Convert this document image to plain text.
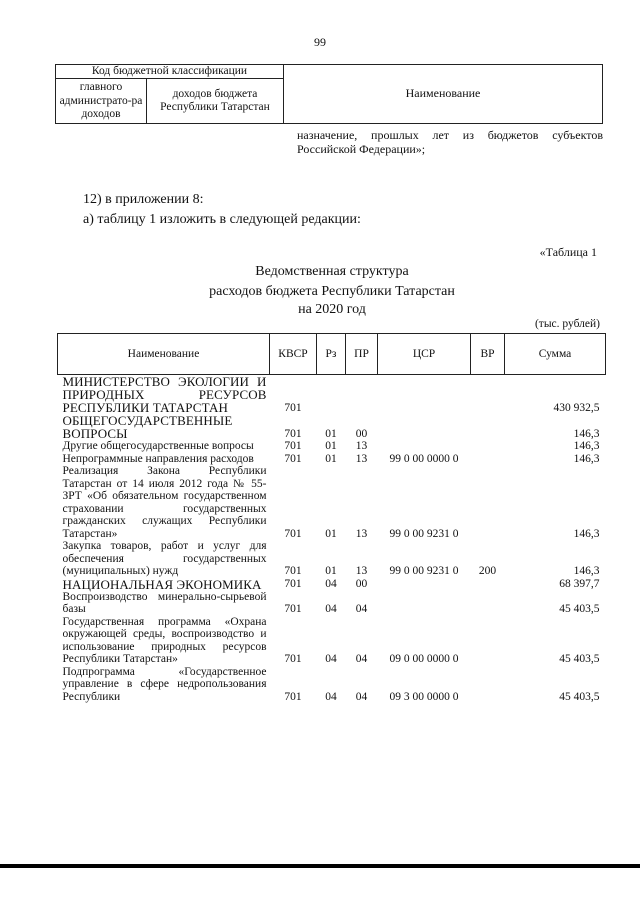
99
Код бюджетной классификации		Наименование
главного администрато-ра доходов	доходов бюджета Республики Татарстан	
назначение, прошлых лет из бюджетов субъектов
Российской Федерации»;
12) в приложении 8:
а) таблицу 1 изложить в следующей редакции:
«Таблица 1
Ведомственная структура
расходов бюджета Республики Татарстан
на 2020 год
(тыс. рублей)
Наименование	КВСР	Рз	ПР	ЦСР	ВР	Сумма
МИНИСТЕРСТВО ЭКОЛОГИИ И ПРИРОДНЫХ РЕСУРСОВ РЕСПУБЛИКИ ТАТАРСТАН	701					430 932,5
ОБЩЕГОСУДАРСТВЕННЫЕ ВОПРОСЫ	701	01	00			146,3
Другие общегосударственные вопросы	701	01	13			146,3
Непрограммные направления расходов	701	01	13	99 0 00 0000 0		146,3
Реализация Закона Республики Татарстан от 14 июля 2012 года № 55-ЗРТ «Об обязательном государственном страховании государственных гражданских служащих Республики Татарстан»	701	01	13	99 0 00 9231 0		146,3
Закупка товаров, работ и услуг для обеспечения государственных (муниципальных) нужд	701	01	13	99 0 00 9231 0	200	146,3
НАЦИОНАЛЬНАЯ ЭКОНОМИКА	701	04	00			68 397,7
Воспроизводство минерально-сырьевой базы	701	04	04			45 403,5
Государственная программа «Охрана окружающей среды, воспроизводство и использование природных ресурсов Республики Татарстан»	701	04	04	09 0 00 0000 0		45 403,5
Подпрограмма «Государственное управление в сфере недропользования Республики	701	04	04	09 3 00 0000 0		45 403,5
